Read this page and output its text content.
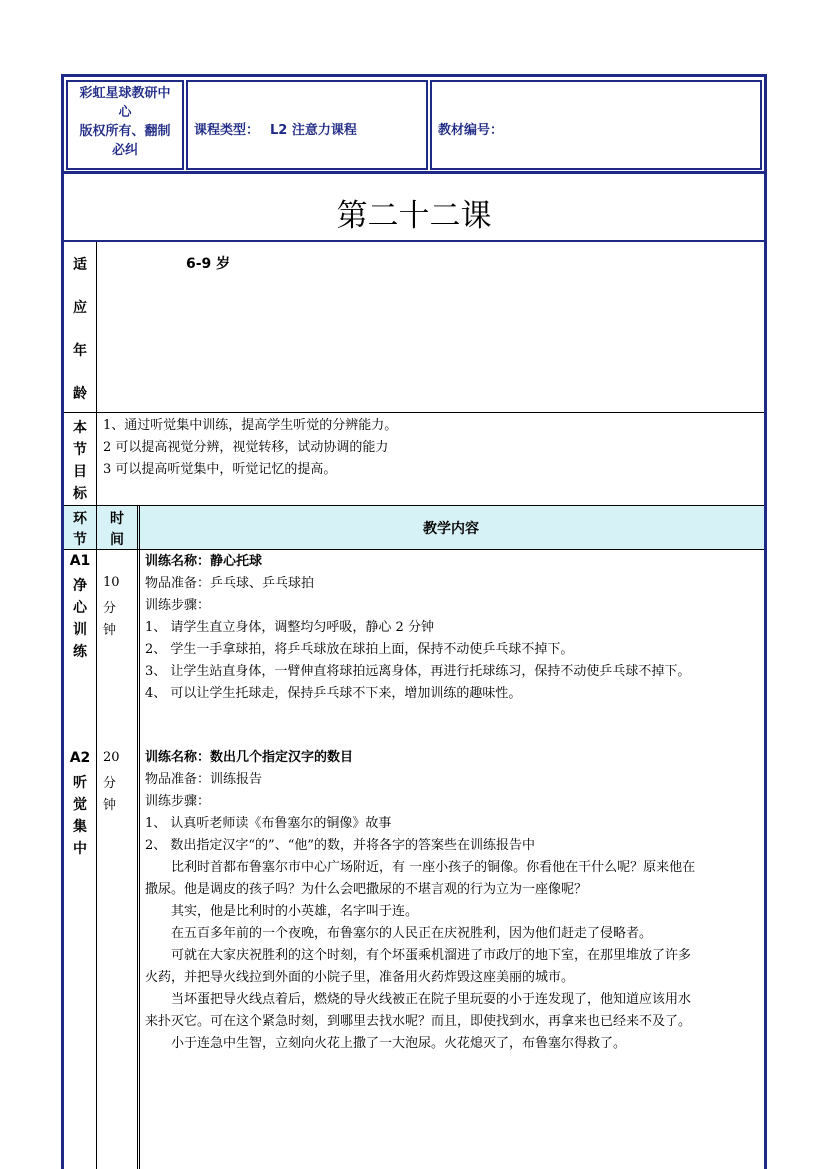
彩虹星球教研中
心
版权所有、翻制
必纠
课程类型： L2 注意力课程	教材编号：
第二十二课
适
应
年
龄
6-9 岁
本
节
目
标
1、通过听觉集中训练，提高学生听觉的分辨能力。
2 可以提高视觉分辨，视觉转移，试动协调的能力
3 可以提高听觉集中，听觉记忆的提高。
环
节
时
间
教学内容
A1
净
心
训
练
10
分
钟
训练名称：静心托球
物品准备：乒乓球、乒乓球拍
训练步骤：
1、 请学生直立身体，调整均匀呼吸，静心 2 分钟
2、 学生一手拿球拍，将乒乓球放在球拍上面，保持不动使乒乓球不掉下。
3、 让学生站直身体，一臂伸直将球拍远离身体，再进行托球练习，保持不动使乒乓球不掉下。
4、 可以让学生托球走，保持乒乓球不下来，增加训练的趣味性。
A2
听
觉
集
中
20
分
钟
训练名称：数出几个指定汉字的数目
物品准备：训练报告
训练步骤：
1、 认真听老师读《布鲁塞尔的铜像》故事
2、 数出指定汉字“的”、“他”的数，并将各字的答案些在训练报告中
　　比利时首都布鲁塞尔市中心广场附近，有 一座小孩子的铜像。你看他在干什么呢？原来他在
撒尿。他是调皮的孩子吗？为什么会吧撒尿的不堪言观的行为立为一座像呢？
　　其实，他是比利时的小英雄，名字叫于连。
　　在五百多年前的一个夜晚，布鲁塞尔的人民正在庆祝胜利，因为他们赶走了侵略者。
　　可就在大家庆祝胜利的这个时刻，有个坏蛋乘机溜进了市政厅的地下室，在那里堆放了许多
火药，并把导火线拉到外面的小院子里，准备用火药炸毁这座美丽的城市。
　　当坏蛋把导火线点着后，燃烧的导火线被正在院子里玩耍的小于连发现了，他知道应该用水
来扑灭它。可在这个紧急时刻，到哪里去找水呢？而且，即使找到水，再拿来也已经来不及了。
　　小于连急中生智，立刻向火花上撒了一大泡尿。火花熄灭了，布鲁塞尔得救了。
